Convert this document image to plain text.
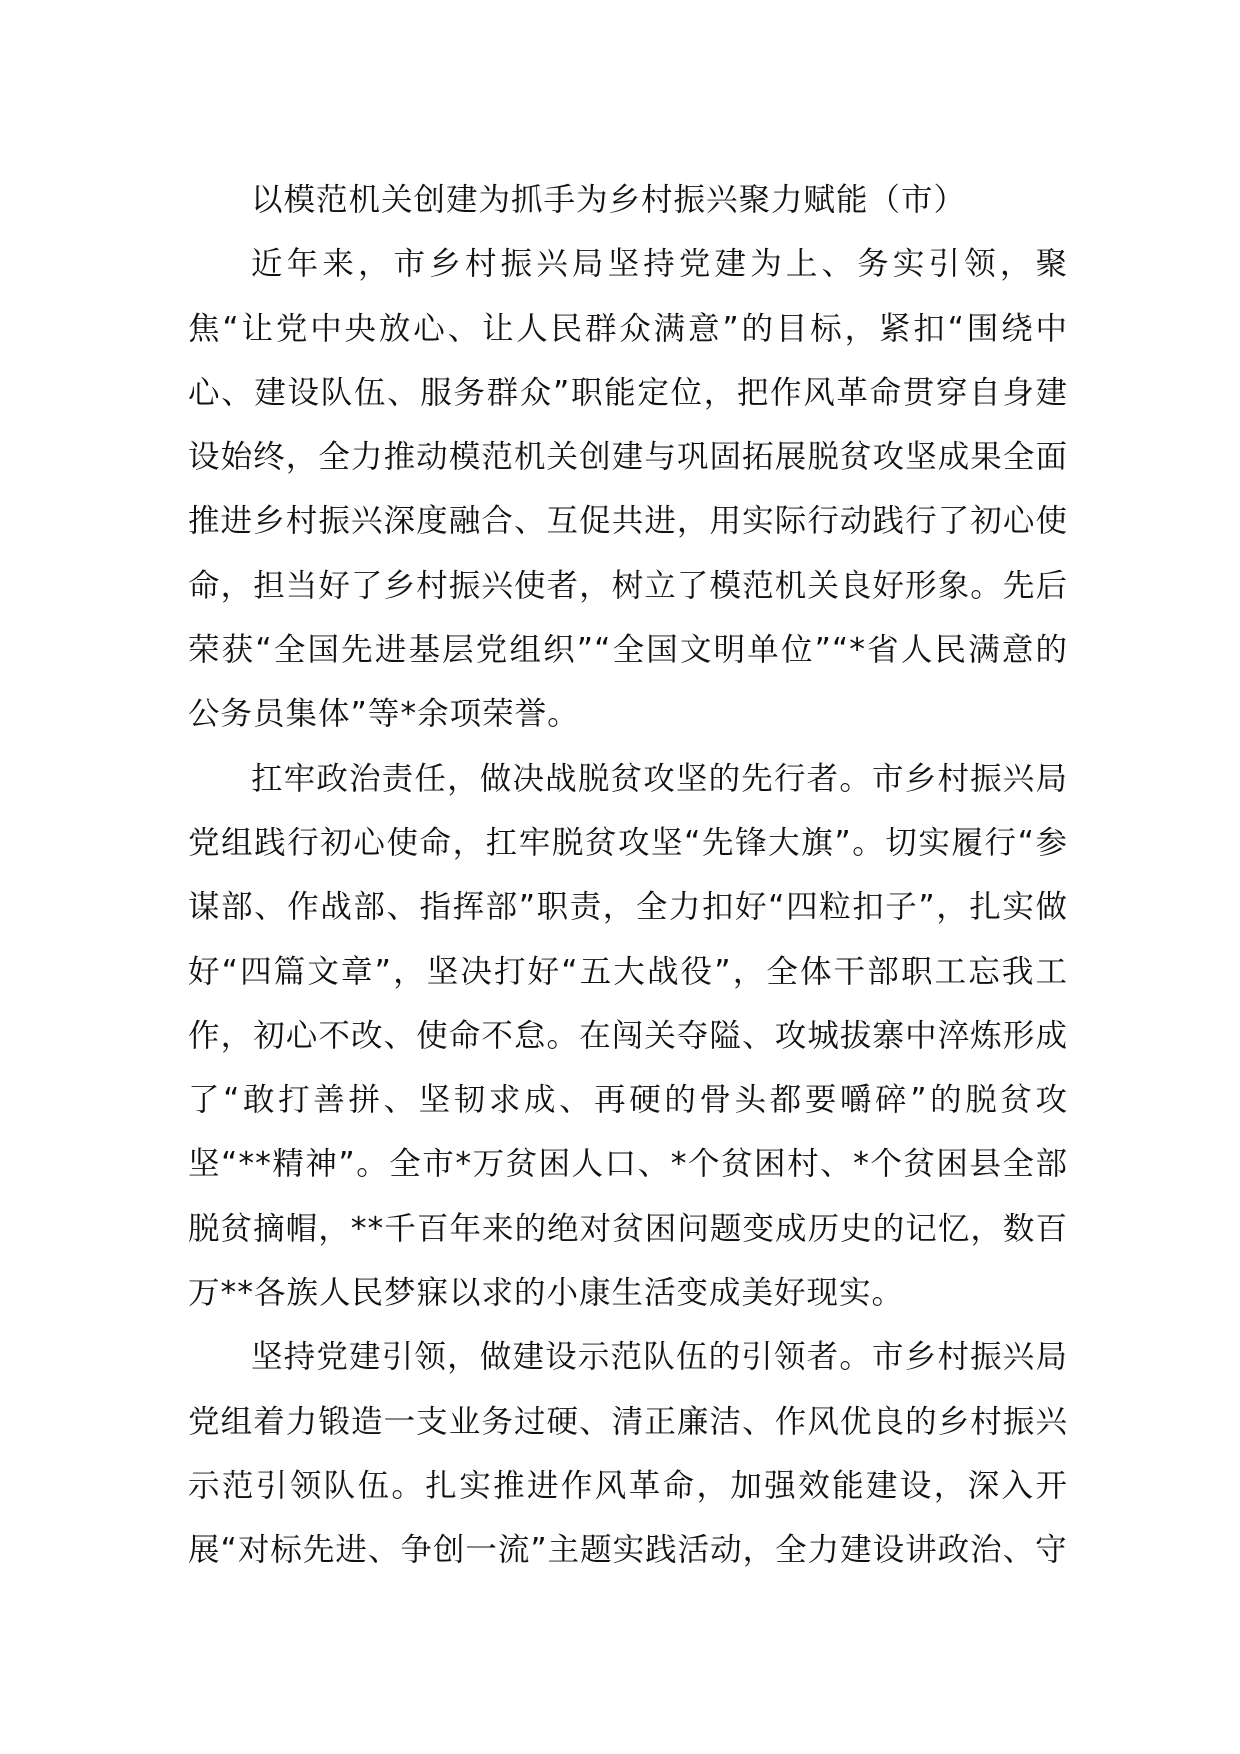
以模范机关创建为抓手为乡村振兴聚力赋能（市）

近年来，市乡村振兴局坚持党建为上、务实引领，聚焦“让党中央放心、让人民群众满意”的目标，紧扣“围绕中心、建设队伍、服务群众”职能定位，把作风革命贯穿自身建设始终，全力推动模范机关创建与巩固拓展脱贫攻坚成果全面推进乡村振兴深度融合、互促共进，用实际行动践行了初心使命，担当好了乡村振兴使者，树立了模范机关良好形象。先后荣获“全国先进基层党组织”“全国文明单位”“*省人民满意的公务员集体”等*余项荣誉。

扛牢政治责任，做决战脱贫攻坚的先行者。市乡村振兴局党组践行初心使命，扛牢脱贫攻坚“先锋大旗”。切实履行“参谋部、作战部、指挥部”职责，全力扣好“四粒扣子”，扎实做好“四篇文章”，坚决打好“五大战役”，全体干部职工忘我工作，初心不改、使命不怠。在闯关夺隘、攻城拔寨中淬炼形成了“敢打善拼、坚韧求成、再硬的骨头都要嚼碎”的脱贫攻坚“**精神”。全市*万贫困人口、*个贫困村、*个贫困县全部脱贫摘帽，**千百年来的绝对贫困问题变成历史的记忆，数百万**各族人民梦寐以求的小康生活变成美好现实。

坚持党建引领，做建设示范队伍的引领者。市乡村振兴局党组着力锻造一支业务过硬、清正廉洁、作风优良的乡村振兴示范引领队伍。扎实推进作风革命，加强效能建设，深入开展“对标先进、争创一流”主题实践活动，全力建设讲政治、守
